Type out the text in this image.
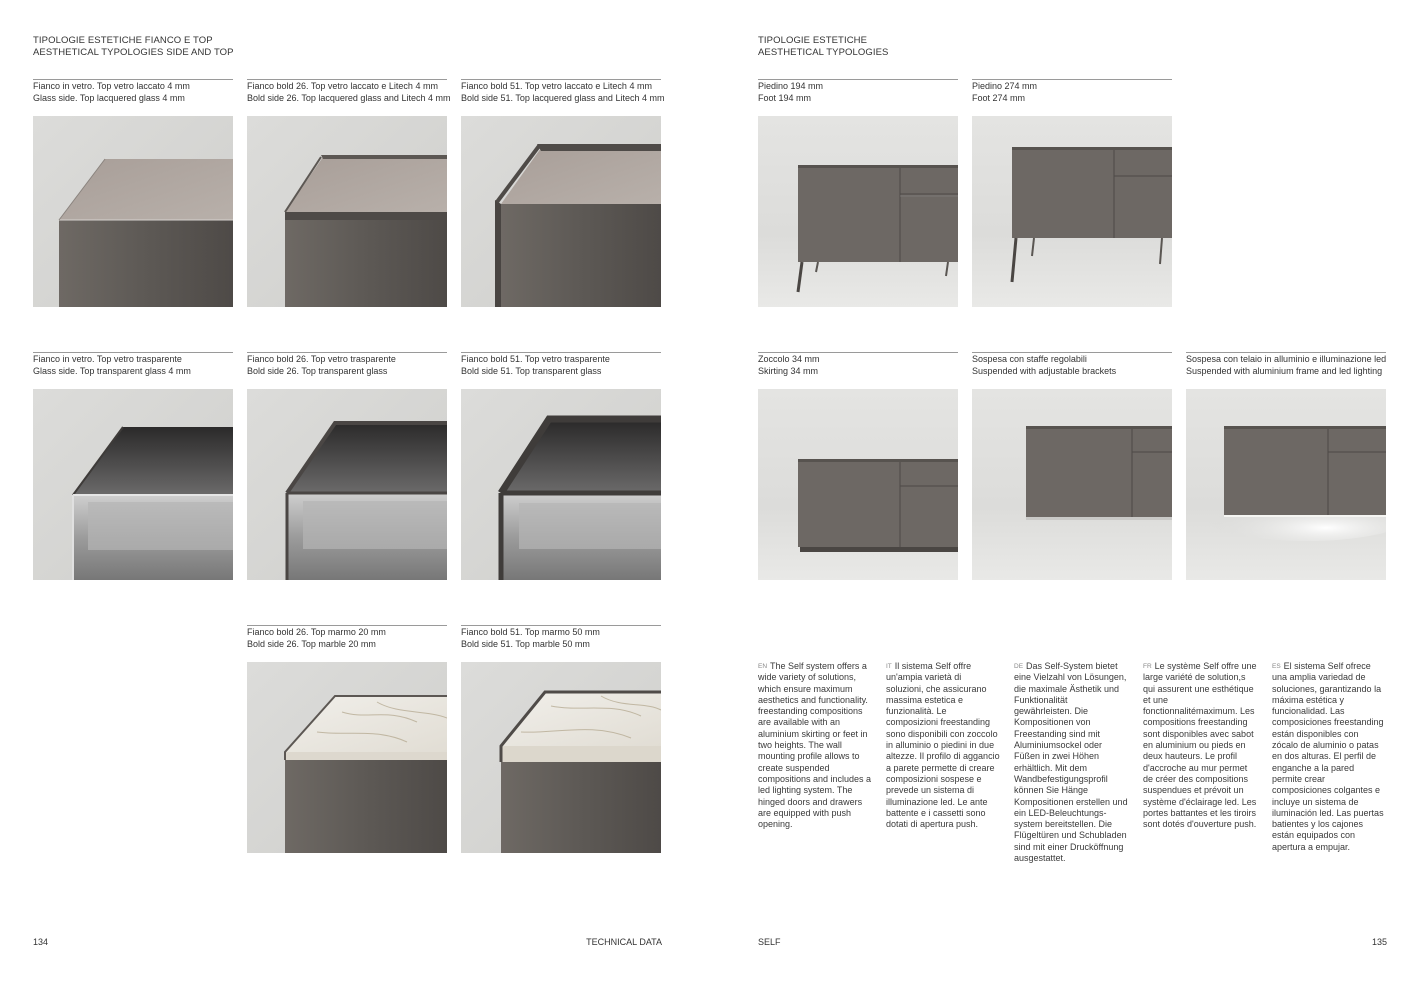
TIPOLOGIE ESTETICHE FIANCO E TOP
AESTHETICAL TYPOLOGIES SIDE AND TOP
TIPOLOGIE ESTETICHE
AESTHETICAL TYPOLOGIES
Fianco in vetro. Top vetro laccato 4 mm
Glass side. Top lacquered glass 4 mm
Fianco bold 26. Top vetro laccato e Litech 4 mm
Bold side 26. Top lacquered glass and Litech 4 mm
Fianco bold 51. Top vetro laccato e Litech 4 mm
Bold side 51. Top lacquered glass and Litech 4 mm
Fianco in vetro. Top vetro trasparente
Glass side. Top transparent glass 4 mm
Fianco bold 26. Top vetro trasparente
Bold side 26. Top transparent glass
Fianco bold 51. Top vetro trasparente
Bold side 51. Top transparent glass
Fianco bold 26. Top marmo 20 mm
Bold side 26. Top marble 20 mm
Fianco bold 51. Top marmo 50 mm
Bold side 51. Top marble 50 mm
Piedino 194 mm
Foot 194 mm
Piedino 274 mm
Foot 274 mm
Zoccolo 34 mm
Skirting 34 mm
Sospesa con staffe regolabili
Suspended with adjustable brackets
Sospesa con telaio in alluminio e illuminazione led
Suspended with aluminium frame and led lighting
EN The Self system offers a wide variety of solutions, which ensure maximum aesthetics and functionality. freestanding compositions are available with an aluminium skirting or feet in two heights. The wall mounting profile allows to create suspended compositions and includes a led lighting system. The hinged doors and drawers are equipped with push opening.
IT Il sistema Self offre un'ampia varietà di soluzioni, che assicurano massima estetica e funzionalità. Le composizioni freestanding sono disponibili con zoccolo in alluminio o piedini in due altezze. Il profilo di aggancio a parete permette di creare composizioni sospese e prevede un sistema di illuminazione led. Le ante battente e i cassetti sono dotati di apertura push.
DE Das Self-System bietet eine Vielzahl von Lösungen, die maximale Ästhetik und Funktionalität gewährleisten. Die Kompositionen von Freestanding sind mit Aluminiumsockel oder Füßen in zwei Höhen erhältlich. Mit dem Wandbefestigungsprofil können Sie Hänge Kompositionen erstellen und ein LED-Beleuchtungs-system bereitstellen. Die Flügeltüren und Schubladen sind mit einer Drucköffnung ausgestattet.
FR Le système Self offre une large variété de solution,s qui assurent une esthétique et une fonctionnalitémaximum. Les compositions freestanding sont disponibles avec sabot en aluminium ou pieds en deux hauteurs. Le profil d'accroche au mur permet de créer des compositions suspendues et prévoit un système d'éclairage led. Les portes battantes et les tiroirs sont dotés d'ouverture push.
ES El sistema Self ofrece una amplia variedad de soluciones, garantizando la máxima estética y funcionalidad. Las composiciones freestanding están disponibles con zócalo de aluminio o patas en dos alturas. El perfil de enganche a la pared permite crear composiciones colgantes e incluye un sistema de iluminación led. Las puertas batientes y los cajones están equipados con apertura a empujar.
134	TECHNICAL DATA	SELF	135
